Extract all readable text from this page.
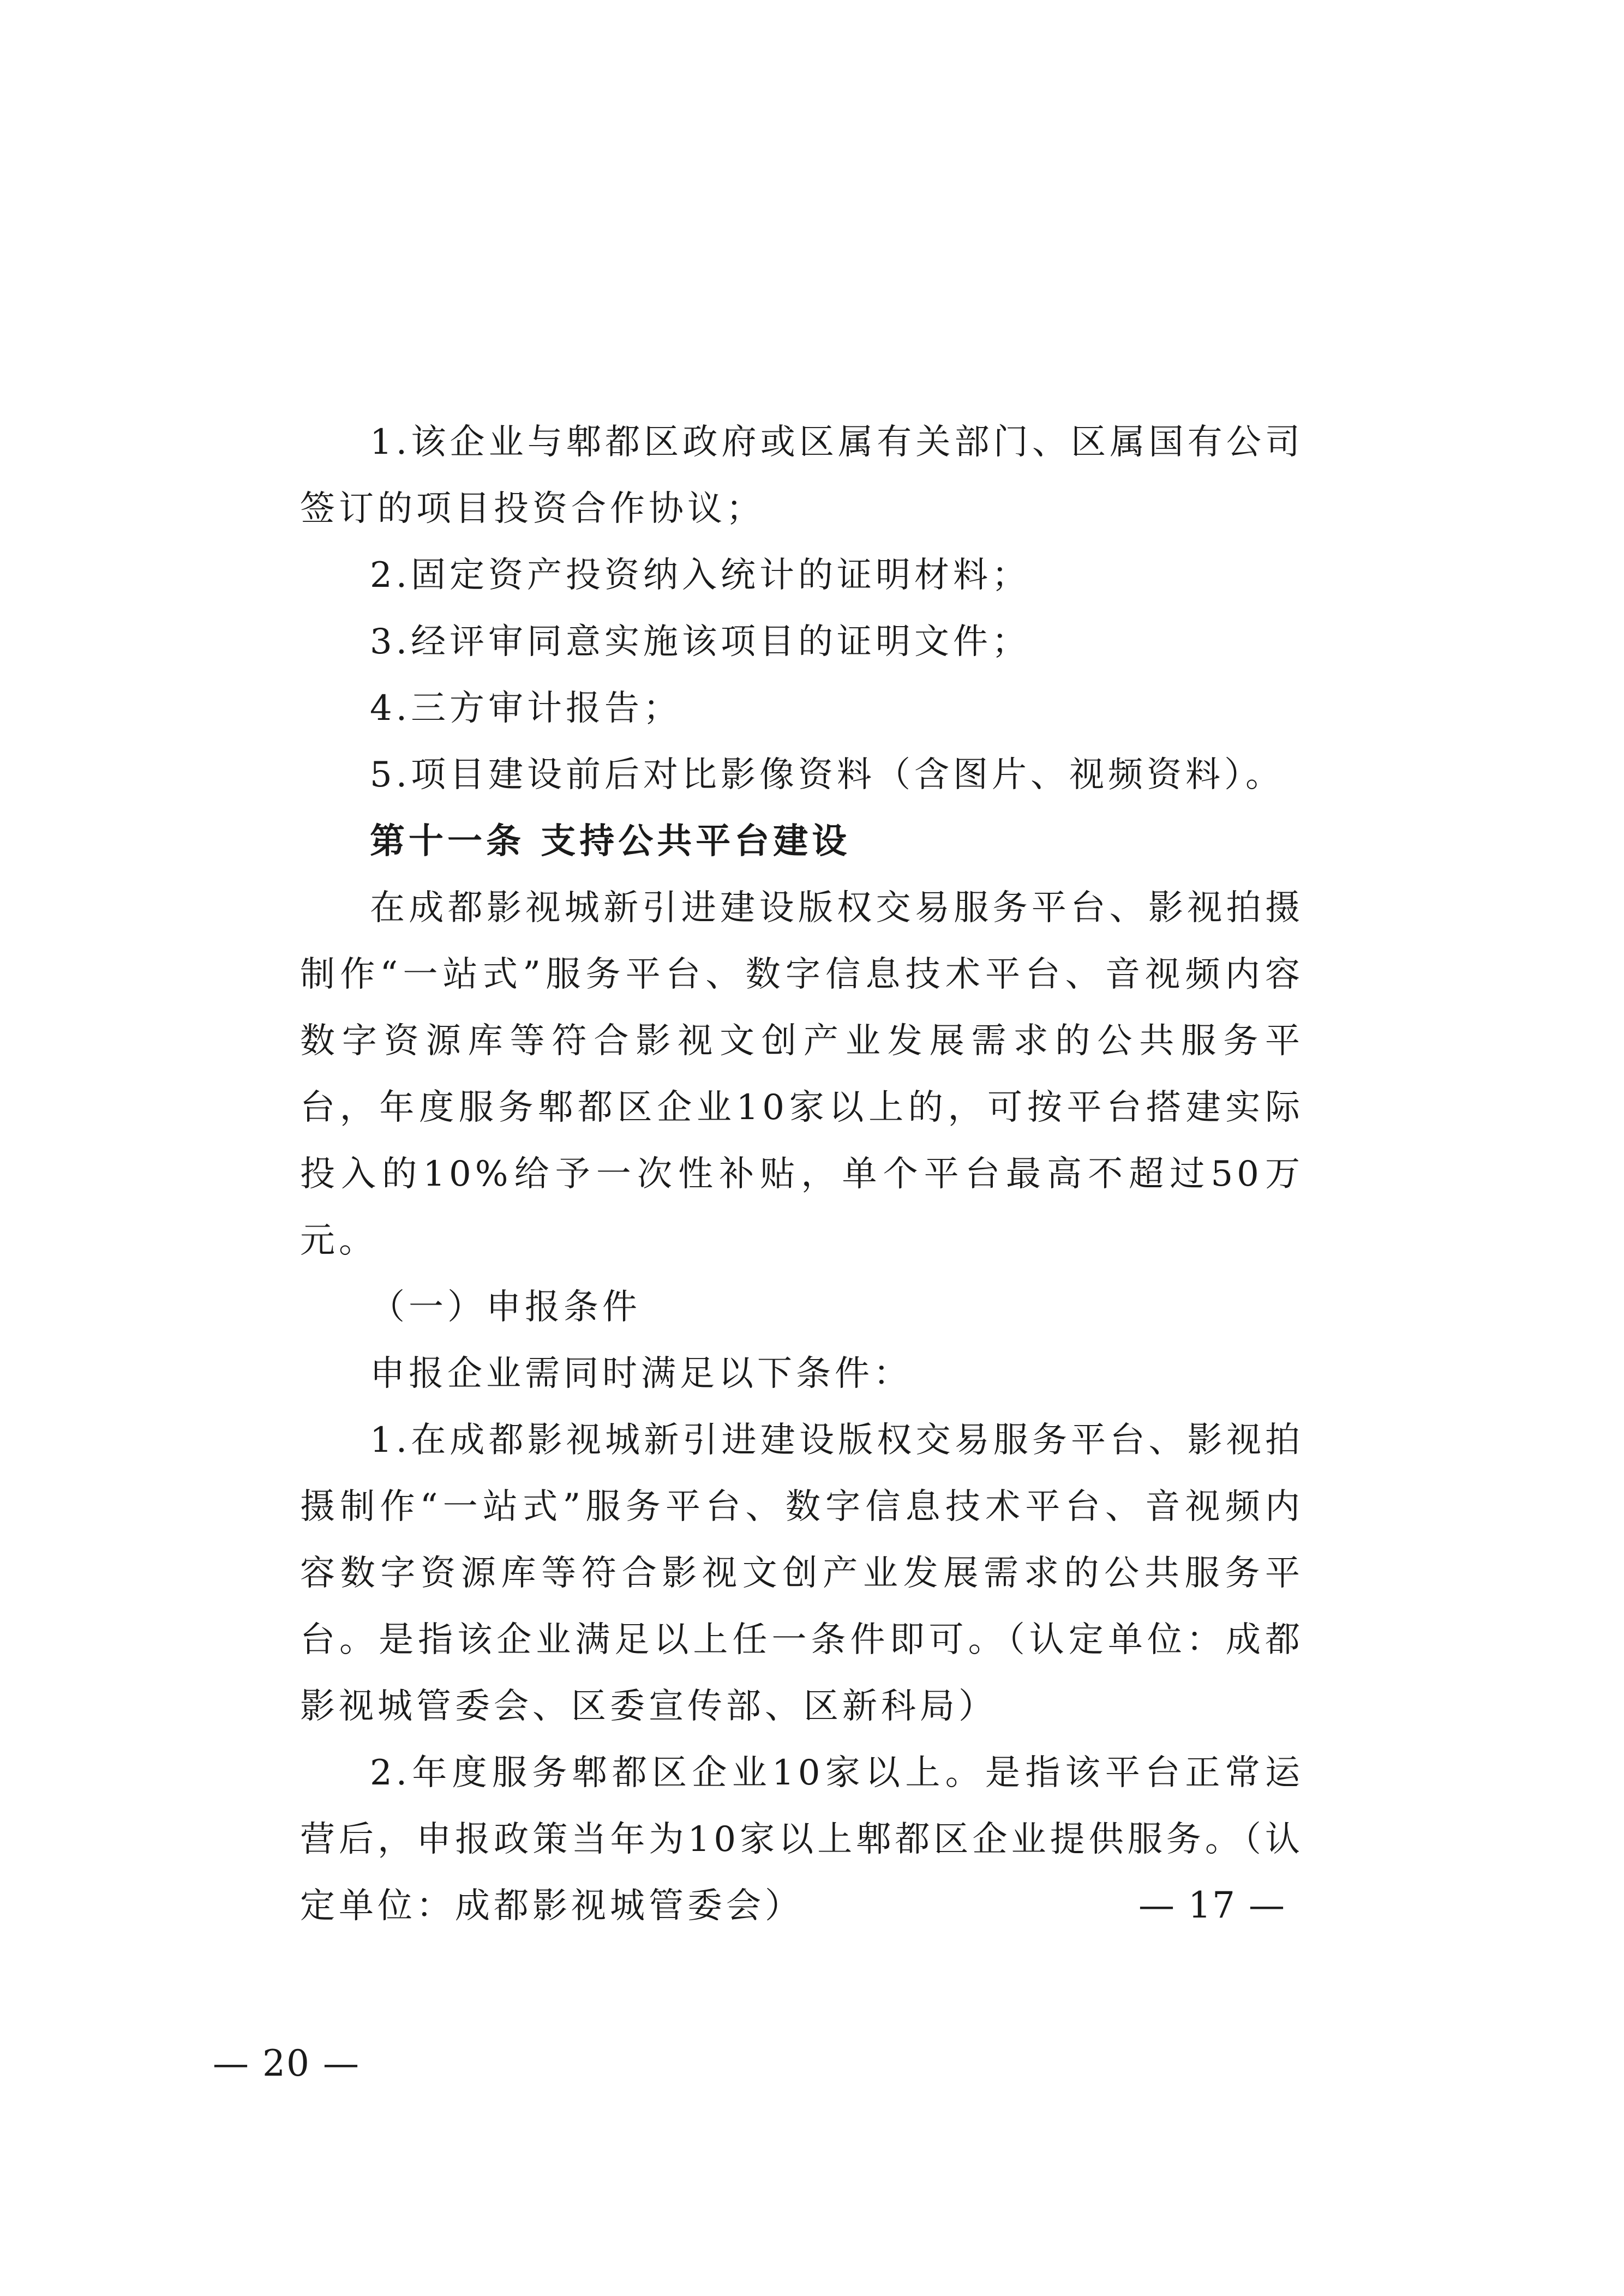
1.该企业与郫都区政府或区属有关部门、区属国有公司签订的项目投资合作协议；

2.固定资产投资纳入统计的证明材料；

3.经评审同意实施该项目的证明文件；

4.三方审计报告；

5.项目建设前后对比影像资料（含图片、视频资料）。

第十一条 支持公共平台建设

在成都影视城新引进建设版权交易服务平台、影视拍摄制作“一站式”服务平台、数字信息技术平台、音视频内容数字资源库等符合影视文创产业发展需求的公共服务平台，年度服务郫都区企业10家以上的，可按平台搭建实际投入的10%给予一次性补贴，单个平台最高不超过50万元。

（一）申报条件

申报企业需同时满足以下条件：

1.在成都影视城新引进建设版权交易服务平台、影视拍摄制作“一站式”服务平台、数字信息技术平台、音视频内容数字资源库等符合影视文创产业发展需求的公共服务平台。是指该企业满足以上任一条件即可。（认定单位：成都影视城管委会、区委宣传部、区新科局）

2.年度服务郫都区企业10家以上。是指该平台正常运营后，申报政策当年为10家以上郫都区企业提供服务。（认定单位：成都影视城管委会）	— 17 —
— 20 —
